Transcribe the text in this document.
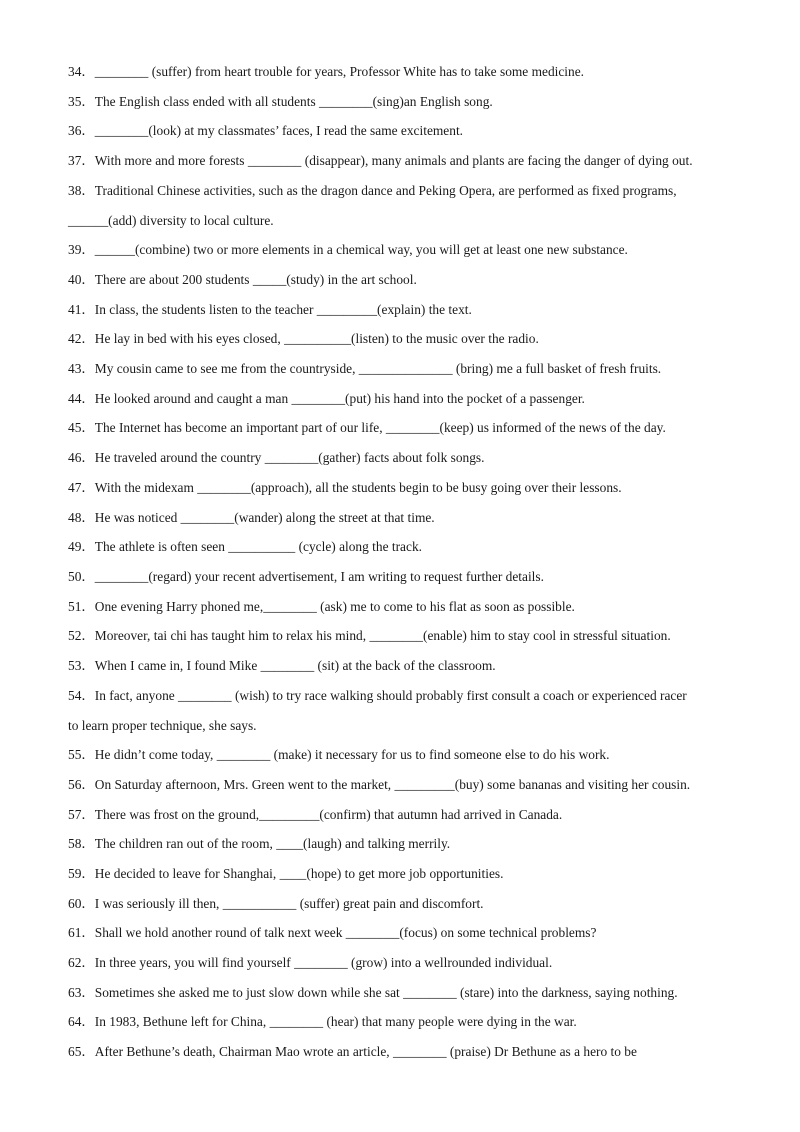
34．________ (suffer) from heart trouble for years, Professor White has to take some medicine.
35．The English class ended with all students ________(sing)an English song.
36．________(look) at my classmates’ faces, I read the same excitement.
37．With more and more forests ________ (disappear), many animals and plants are facing the danger of dying out.
38．Traditional Chinese activities, such as the dragon dance and Peking Opera, are performed as fixed programs,
______(add) diversity to local culture.
39．______(combine) two or more elements in a chemical way, you will get at least one new substance.
40．There are about 200 students _____(study) in the art school.
41．In class, the students listen to the teacher _________(explain) the text.
42．He lay in bed with his eyes closed, __________(listen) to the music over the radio.
43．My cousin came to see me from the countryside, ______________ (bring) me a full basket of fresh fruits.
44．He looked around and caught a man ________(put) his hand into the pocket of a passenger.
45．The Internet has become an important part of our life, ________(keep) us informed of the news of the day.
46．He traveled around the country ________(gather) facts about folk songs.
47．With the midexam ________(approach), all the students begin to be busy going over their lessons.
48．He was noticed ________(wander) along the street at that time.
49．The athlete is often seen __________ (cycle) along the track.
50．________(regard) your recent advertisement, I am writing to request further details.
51．One evening Harry phoned me,________ (ask) me to come to his flat as soon as possible.
52．Moreover, tai chi has taught him to relax his mind, ________(enable) him to stay cool in stressful situation.
53．When I came in, I found Mike ________ (sit) at the back of the classroom.
54．In fact, anyone ________ (wish) to try race walking should probably first consult a coach or experienced racer
to learn proper technique, she says.
55．He didn’t come today, ________ (make) it necessary for us to find someone else to do his work.
56．On Saturday afternoon, Mrs. Green went to the market, _________(buy) some bananas and visiting her cousin.
57．There was frost on the ground,_________(confirm) that autumn had arrived in Canada.
58．The children ran out of the room, ____(laugh) and talking merrily.
59．He decided to leave for Shanghai, ____(hope) to get more job opportunities.
60．I was seriously ill then, ___________ (suffer) great pain and discomfort.
61．Shall we hold another round of talk next week ________(focus) on some technical problems?
62．In three years, you will find yourself ________ (grow) into a wellrounded individual.
63．Sometimes she asked me to just slow down while she sat ________ (stare) into the darkness, saying nothing.
64．In 1983, Bethune left for China, ________ (hear) that many people were dying in the war.
65．After Bethune’s death, Chairman Mao wrote an article, ________ (praise) Dr Bethune as a hero to be
